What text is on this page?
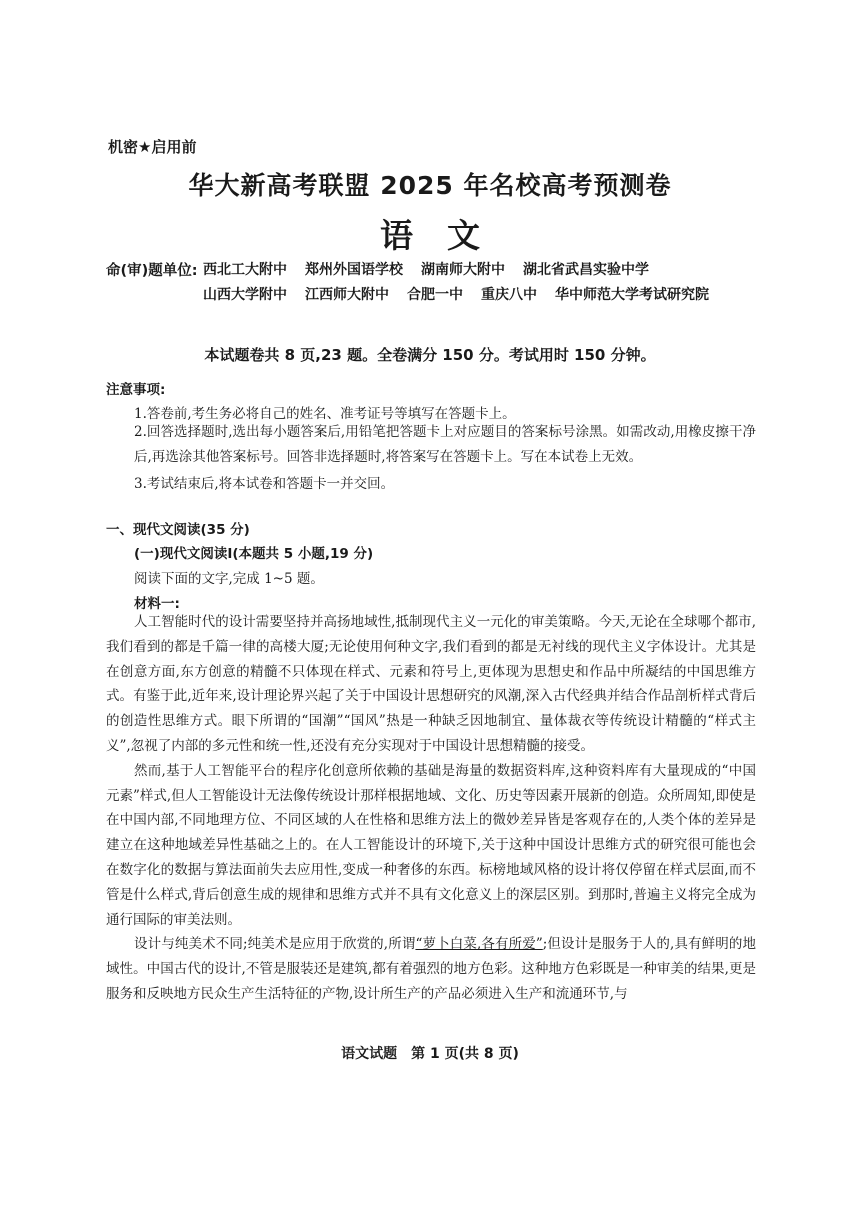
机密★启用前
华大新高考联盟 2025 年名校高考预测卷
语文
命(审)题单位: 西北工大附中 郑州外国语学校 湖南师大附中 湖北省武昌实验中学
山西大学附中 江西师大附中 合肥一中 重庆八中 华中师范大学考试研究院
本试题卷共 8 页,23 题。全卷满分 150 分。考试用时 150 分钟。
注意事项:
1.答卷前,考生务必将自己的姓名、准考证号等填写在答题卡上。

2.回答选择题时,选出每小题答案后,用铅笔把答题卡上对应题目的答案标号涂黑。如需改动,用橡皮擦干净后,再选涂其他答案标号。回答非选择题时,将答案写在答题卡上。写在本试卷上无效。

3.考试结束后,将本试卷和答题卡一并交回。
一、现代文阅读(35 分)
(一)现代文阅读Ⅰ(本题共 5 小题,19 分)
阅读下面的文字,完成 1~5 题。
材料一:

人工智能时代的设计需要坚持并高扬地域性,抵制现代主义一元化的审美策略。今天,无论在全球哪个都市,我们看到的都是千篇一律的高楼大厦;无论使用何种文字,我们看到的都是无衬线的现代主义字体设计。尤其是在创意方面,东方创意的精髓不只体现在样式、元素和符号上,更体现为思想史和作品中所凝结的中国思维方式。有鉴于此,近年来,设计理论界兴起了关于中国设计思想研究的风潮,深入古代经典并结合作品剖析样式背后的创造性思维方式。眼下所谓的“国潮”“国风”热是一种缺乏因地制宜、量体裁衣等传统设计精髓的“样式主义”,忽视了内部的多元性和统一性,还没有充分实现对于中国设计思想精髓的接受。

然而,基于人工智能平台的程序化创意所依赖的基础是海量的数据资料库,这种资料库有大量现成的“中国元素”样式,但人工智能设计无法像传统设计那样根据地域、文化、历史等因素开展新的创造。众所周知,即使是在中国内部,不同地理方位、不同区域的人在性格和思维方法上的微妙差异皆是客观存在的,人类个体的差异是建立在这种地域差异性基础之上的。在人工智能设计的环境下,关于这种中国设计思维方式的研究很可能也会在数字化的数据与算法面前失去应用性,变成一种奢侈的东西。标榜地域风格的设计将仅停留在样式层面,而不管是什么样式,背后创意生成的规律和思维方式并不具有文化意义上的深层区别。到那时,普遍主义将完全成为通行国际的审美法则。

设计与纯美术不同;纯美术是应用于欣赏的,所谓“萝卜白菜,各有所爱”;但设计是服务于人的,具有鲜明的地域性。中国古代的设计,不管是服装还是建筑,都有着强烈的地方色彩。这种地方色彩既是一种审美的结果,更是服务和反映地方民众生产生活特征的产物,设计所生产的产品必须进入生产和流通环节,与

语文试题　第 1 页(共 8 页)
